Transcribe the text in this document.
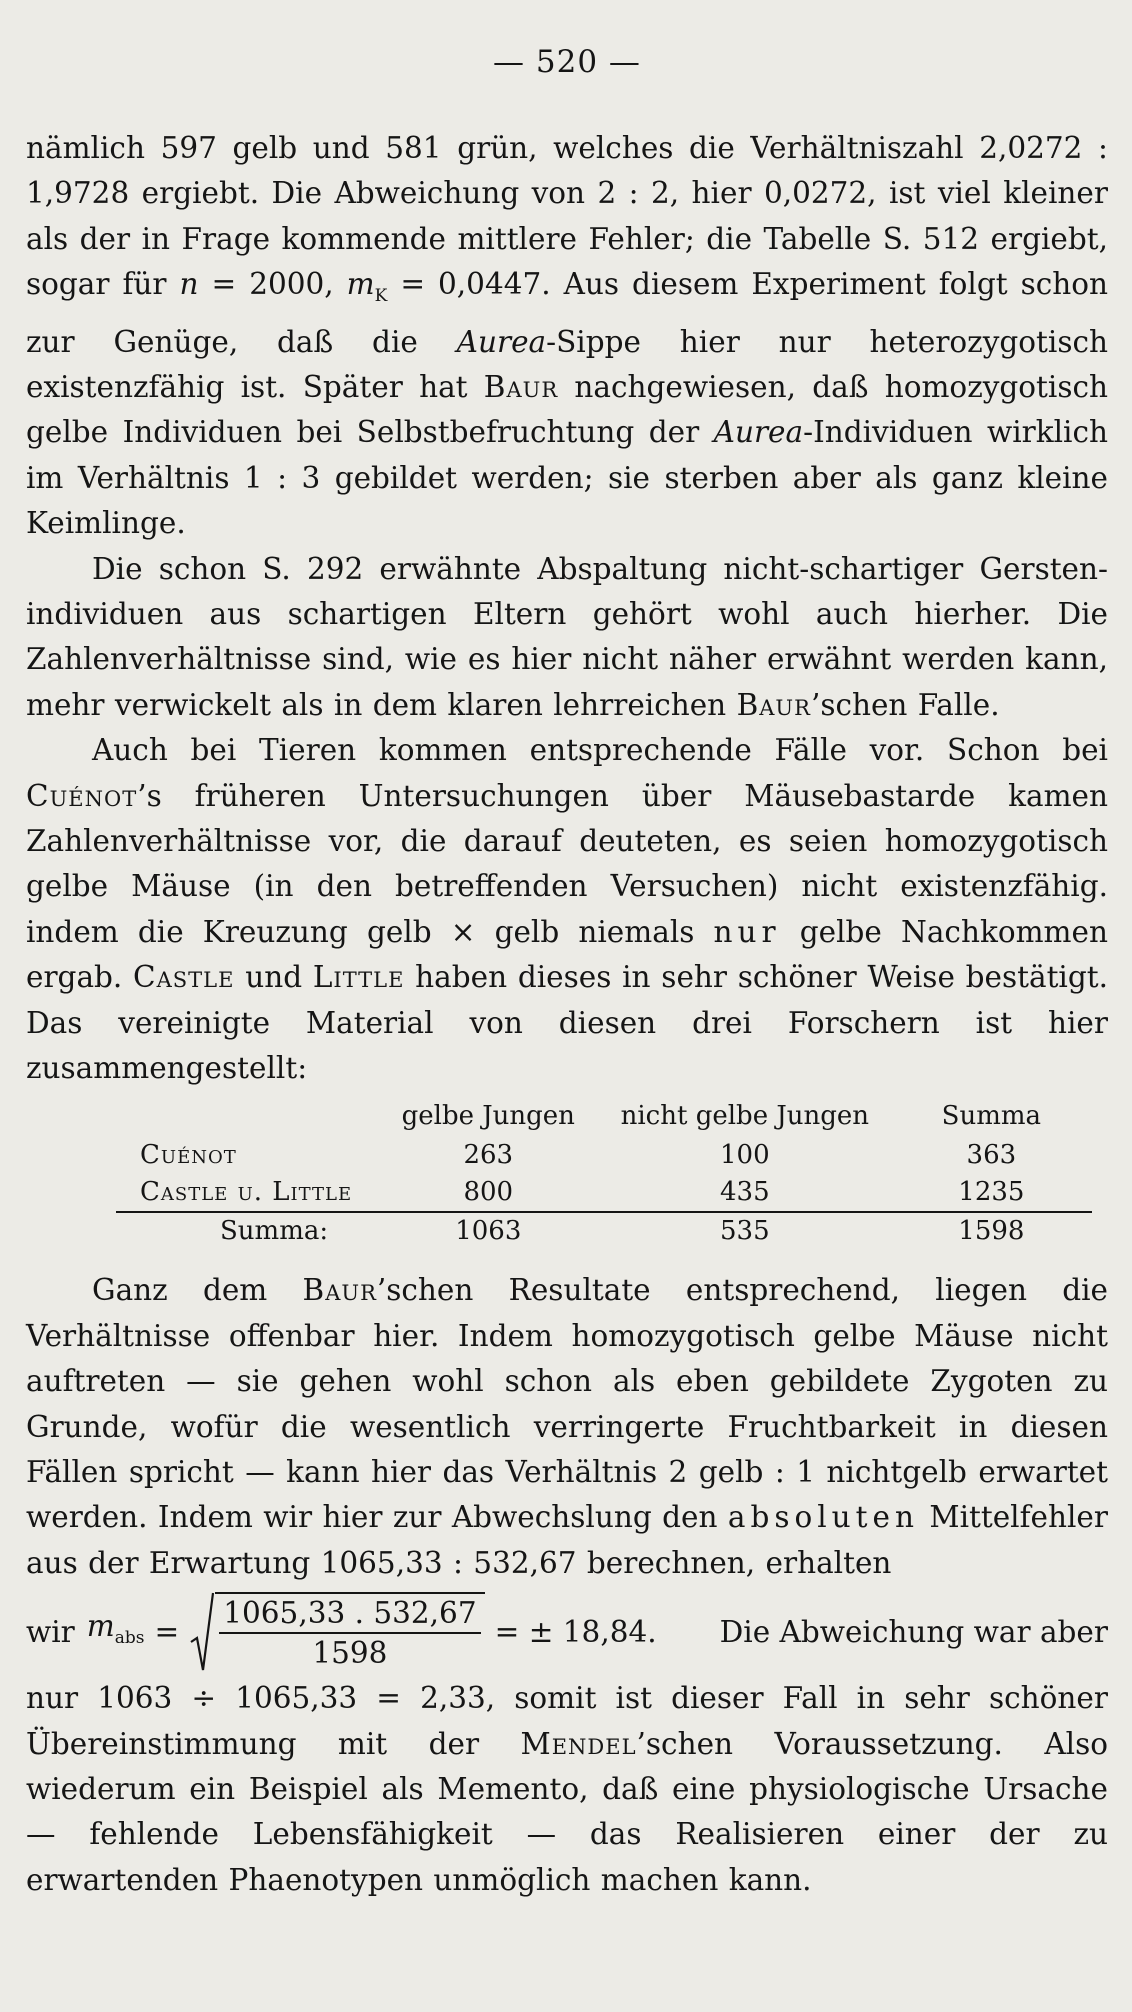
— 520 —

nämlich 597 gelb und 581 grün, welches die Verhältniszahl 2,0272 : 1,9728 ergiebt. Die Abweichung von 2 : 2, hier 0,0272, ist viel kleiner als der in Frage kommende mittlere Fehler; die Tabelle S. 512 ergiebt, sogar für n = 2000, $m_K = 0,0447$. Aus diesem Experiment folgt schon zur Genüge, daß die Aurea-Sippe hier nur heterozygotisch existenzfähig ist. Später hat Baur nachgewiesen, daß homozygotisch gelbe Individuen bei Selbstbefruchtung der Aurea-Individuen wirklich im Verhältnis 1 : 3 gebildet werden; sie sterben aber als ganz kleine Keimlinge.

Die schon S. 292 erwähnte Abspaltung nicht-schartiger Gerstenindividuen aus schartigen Eltern gehört wohl auch hierher. Die Zahlenverhältnisse sind, wie es hier nicht näher erwähnt werden kann, mehr verwickelt als in dem klaren lehrreichen Baur’schen Falle.

Auch bei Tieren kommen entsprechende Fälle vor. Schon bei Cuénot’s früheren Untersuchungen über Mäusebastarde kamen Zahlenverhältnisse vor, die darauf deuteten, es seien homozygotisch gelbe Mäuse (in den betreffenden Versuchen) nicht existenzfähig. indem die Kreuzung gelb × gelb niemals nur gelbe Nachkommen ergab. Castle und Little haben dieses in sehr schöner Weise bestätigt. Das vereinigte Material von diesen drei Forschern ist hier zusammengestellt:

	gelbe Jungen	nicht gelbe Jungen	Summa
Cuénot	263	100	363
Castle u. Little	800	435	1235
Summa:	1063	535	1598

Ganz dem Baur’schen Resultate entsprechend, liegen die Verhältnisse offenbar hier. Indem homozygotisch gelbe Mäuse nicht auftreten — sie gehen wohl schon als eben gebildete Zygoten zu Grunde, wofür die wesentlich verringerte Fruchtbarkeit in diesen Fällen spricht — kann hier das Verhältnis 2 gelb : 1 nichtgelb erwartet werden. Indem wir hier zur Abwechslung den absoluten Mittelfehler aus der Erwartung 1065,33 : 532,67 berechnen, erhalten

wir $m_{abs} = \frac{1065,33 . 532,67}{1598}$ = ± 18,84. Die Abweichung war aber

nur 1063 ÷ 1065,33 = 2,33, somit ist dieser Fall in sehr schöner Übereinstimmung mit der Mendel’schen Voraussetzung. Also wiederum ein Beispiel als Memento, daß eine physiologische Ursache — fehlende Lebensfähigkeit — das Realisieren einer der zu erwartenden Phaenotypen unmöglich machen kann.
